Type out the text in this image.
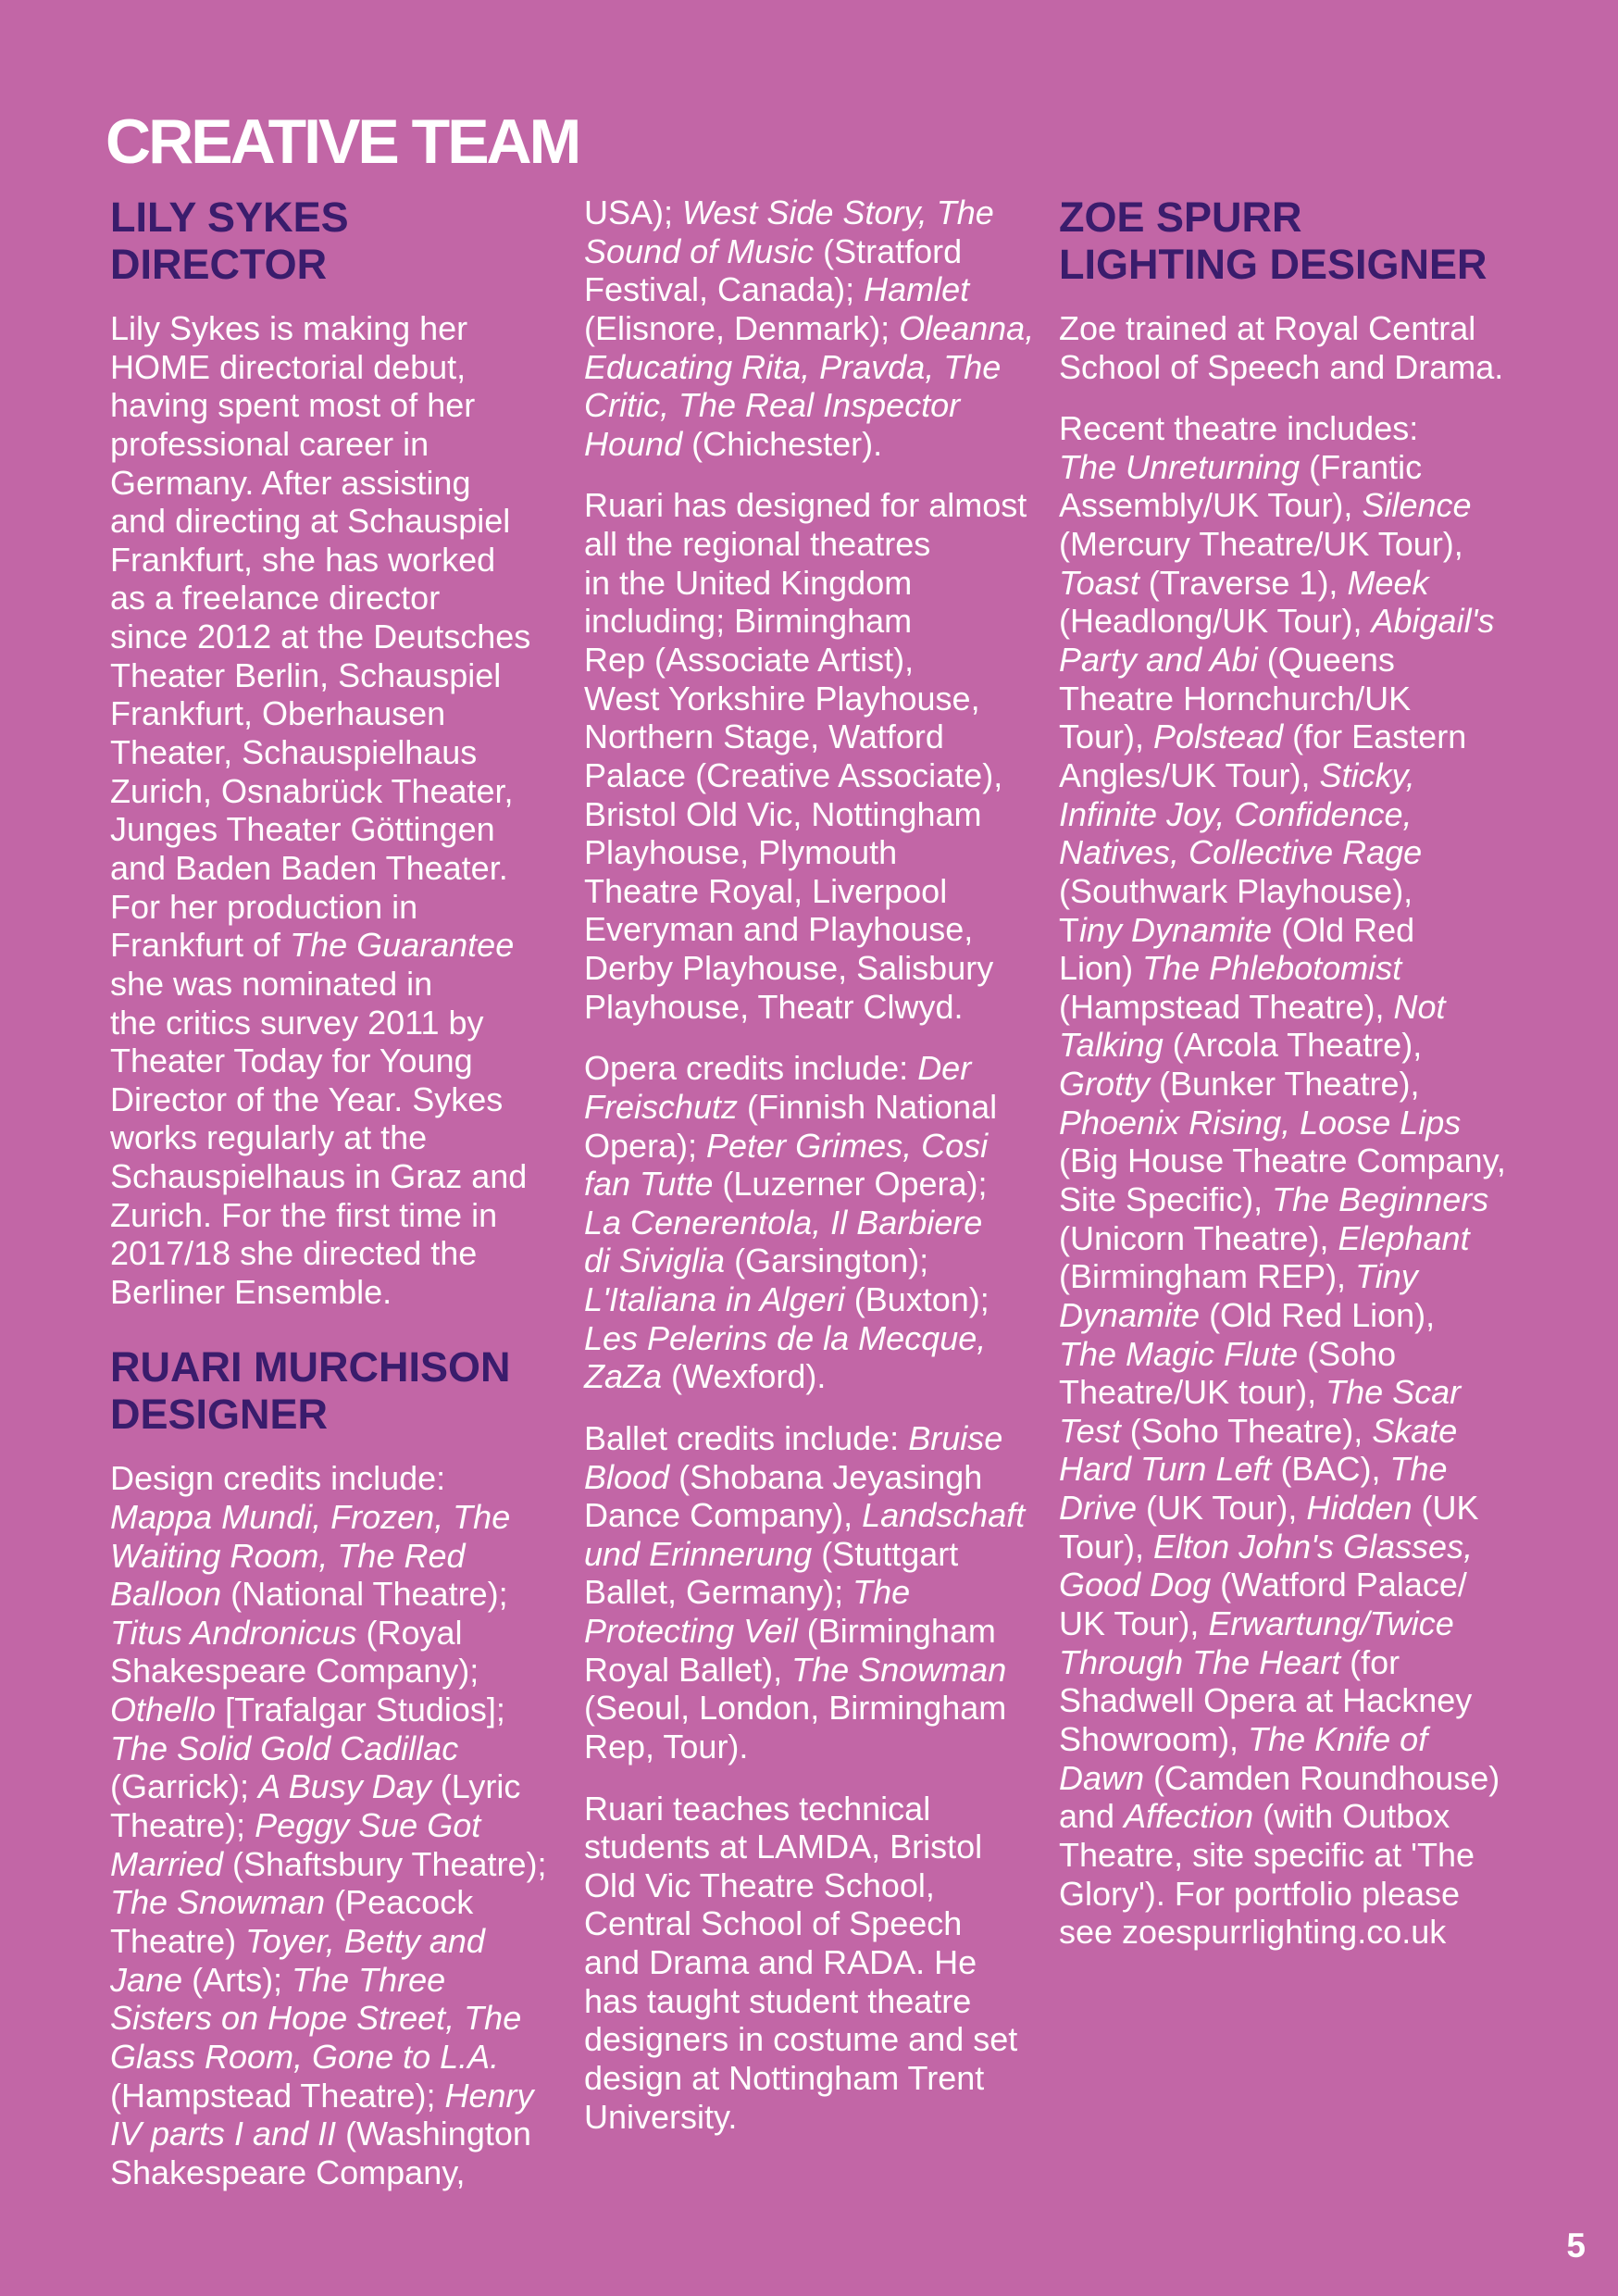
CREATIVE TEAM
LILY SYKES
DIRECTOR

Lily Sykes is making her
HOME directorial debut,
having spent most of her
professional career in
Germany. After assisting
and directing at Schauspiel
Frankfurt, she has worked
as a freelance director
since 2012 at the Deutsches
Theater Berlin, Schauspiel
Frankfurt, Oberhausen
Theater, Schauspielhaus
Zurich, Osnabrück Theater,
Junges Theater Göttingen
and Baden Baden Theater.
For her production in
Frankfurt of The Guarantee
she was nominated in
the critics survey 2011 by
Theater Today for Young
Director of the Year. Sykes
works regularly at the
Schauspielhaus in Graz and
Zurich. For the first time in
2017/18 she directed the
Berliner Ensemble.

RUARI MURCHISON
DESIGNER

Design credits include:
Mappa Mundi, Frozen, The
Waiting Room, The Red
Balloon (National Theatre);
Titus Andronicus (Royal
Shakespeare Company);
Othello [Trafalgar Studios];
The Solid Gold Cadillac
(Garrick); A Busy Day (Lyric
Theatre); Peggy Sue Got
Married (Shaftsbury Theatre);
The Snowman (Peacock
Theatre) Toyer, Betty and
Jane (Arts); The Three
Sisters on Hope Street, The
Glass Room, Gone to L.A.
(Hampstead Theatre); Henry
IV parts I and II (Washington
Shakespeare Company,

USA); West Side Story, The
Sound of Music (Stratford
Festival, Canada); Hamlet
(Elisnore, Denmark); Oleanna,
Educating Rita, Pravda, The
Critic, The Real Inspector
Hound (Chichester).

Ruari has designed for almost
all the regional theatres
in the United Kingdom
including; Birmingham
Rep (Associate Artist),
West Yorkshire Playhouse,
Northern Stage, Watford
Palace (Creative Associate),
Bristol Old Vic, Nottingham
Playhouse, Plymouth
Theatre Royal, Liverpool
Everyman and Playhouse,
Derby Playhouse, Salisbury
Playhouse, Theatr Clwyd.

Opera credits include: Der
Freischutz (Finnish National
Opera); Peter Grimes, Cosi
fan Tutte (Luzerner Opera);
La Cenerentola, Il Barbiere
di Siviglia (Garsington);
L'Italiana in Algeri (Buxton);
Les Pelerins de la Mecque,
ZaZa (Wexford).

Ballet credits include: Bruise
Blood (Shobana Jeyasingh
Dance Company), Landschaft
und Erinnerung (Stuttgart
Ballet, Germany); The
Protecting Veil (Birmingham
Royal Ballet), The Snowman
(Seoul, London, Birmingham
Rep, Tour).

Ruari teaches technical
students at LAMDA, Bristol
Old Vic Theatre School,
Central School of Speech
and Drama and RADA. He
has taught student theatre
designers in costume and set
design at Nottingham Trent
University.

ZOE SPURR
LIGHTING DESIGNER

Zoe trained at Royal Central
School of Speech and Drama.

Recent theatre includes:
The Unreturning (Frantic
Assembly/UK Tour), Silence
(Mercury Theatre/UK Tour),
Toast (Traverse 1), Meek
(Headlong/UK Tour), Abigail's
Party and Abi (Queens
Theatre Hornchurch/UK
Tour), Polstead (for Eastern
Angles/UK Tour), Sticky,
Infinite Joy, Confidence,
Natives, Collective Rage
(Southwark Playhouse),
Tiny Dynamite (Old Red
Lion) The Phlebotomist
(Hampstead Theatre), Not
Talking (Arcola Theatre),
Grotty (Bunker Theatre),
Phoenix Rising, Loose Lips
(Big House Theatre Company,
Site Specific), The Beginners
(Unicorn Theatre), Elephant
(Birmingham REP), Tiny
Dynamite (Old Red Lion),
The Magic Flute (Soho
Theatre/UK tour), The Scar
Test (Soho Theatre), Skate
Hard Turn Left (BAC), The
Drive (UK Tour), Hidden (UK
Tour), Elton John's Glasses,
Good Dog (Watford Palace/
UK Tour), Erwartung/Twice
Through The Heart (for
Shadwell Opera at Hackney
Showroom), The Knife of
Dawn (Camden Roundhouse)
and Affection (with Outbox
Theatre, site specific at 'The
Glory'). For portfolio please
see zoespurrlighting.co.uk

5
